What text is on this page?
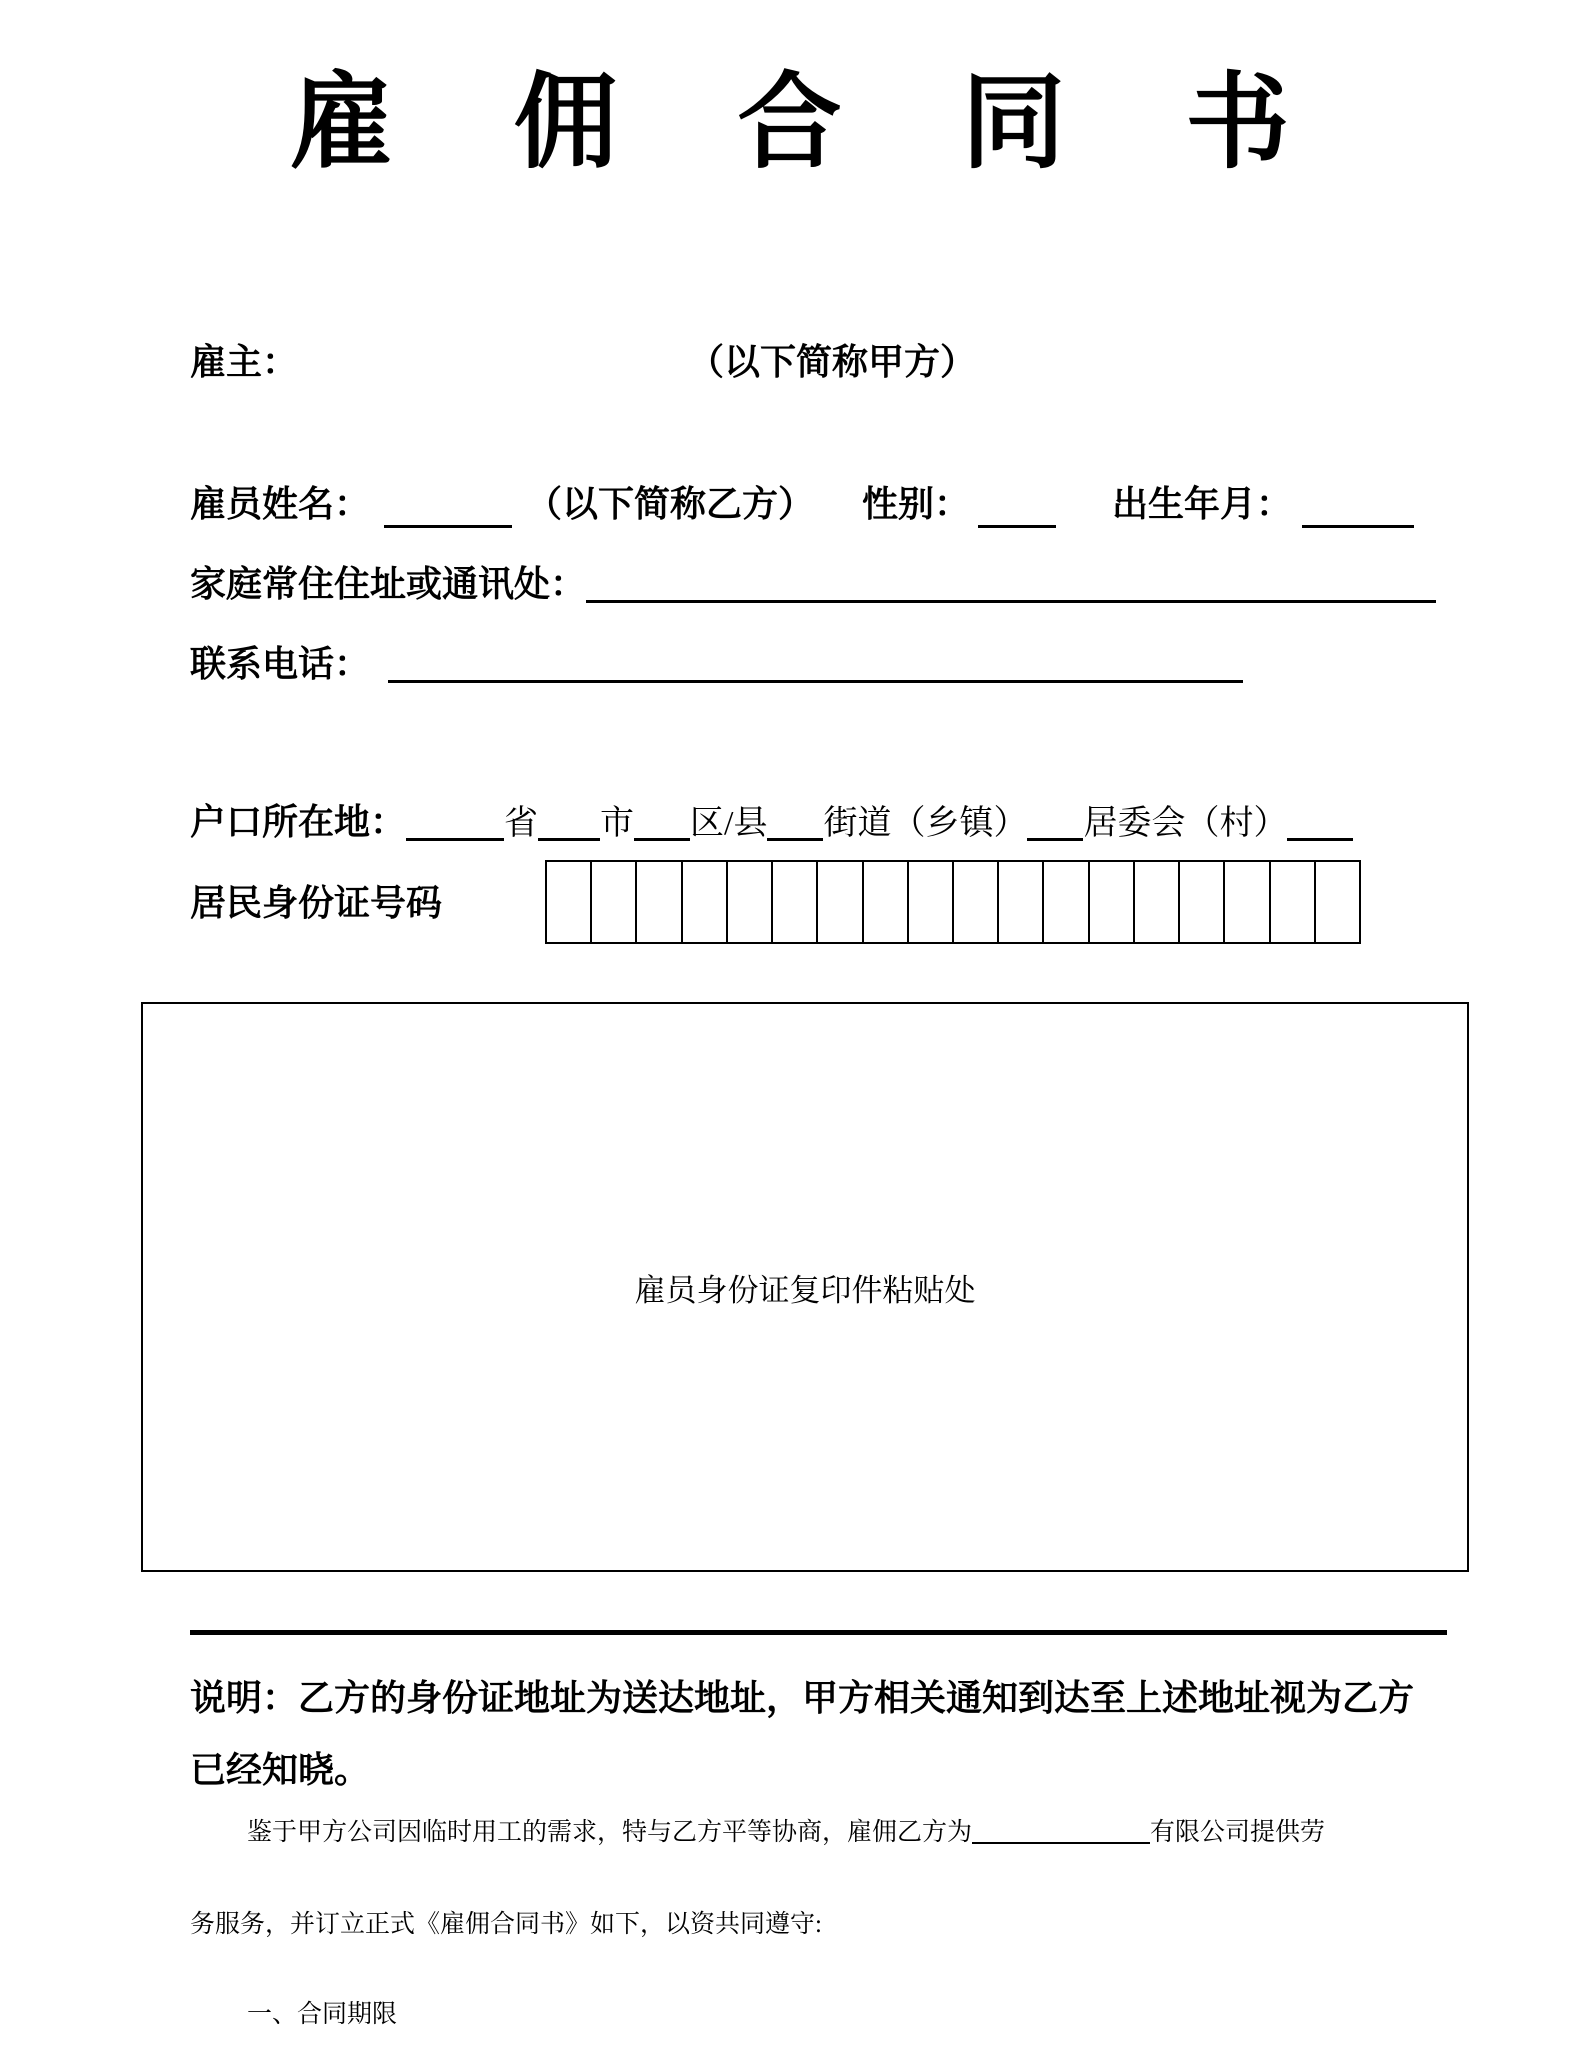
雇　佣　合　同　书
雇主：	（以下简称甲方）
雇员姓名：	（以下简称乙方） 性别：	出生年月：
家庭常住住址或通讯处：
联系电话：
户口所在地：	省 市 区/县 街道（乡镇） 居委会（村）
居民身份证号码
雇员身份证复印件粘贴处
说明：乙方的身份证地址为送达地址，甲方相关通知到达至上述地址视为乙方
已经知晓。
鉴于甲方公司因临时用工的需求，特与乙方平等协商，雇佣乙方为	有限公司提供劳
务服务，并订立正式《雇佣合同书》如下，以资共同遵守:
一、合同期限
